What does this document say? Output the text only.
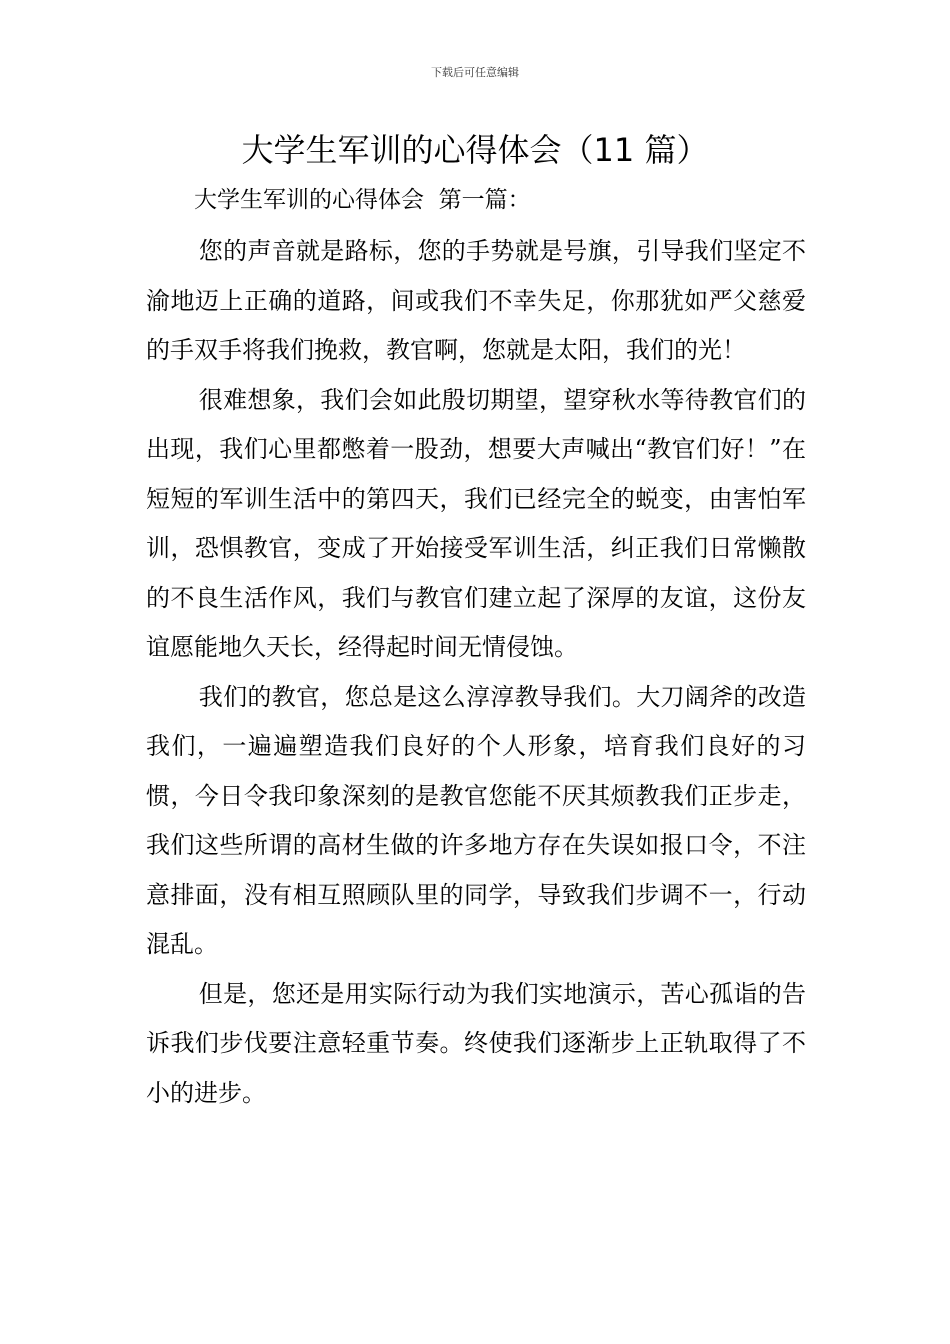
下载后可任意编辑
大学生军训的心得体会（11 篇）
大学生军训的心得体会  第一篇：

您的声音就是路标，您的手势就是号旗，引导我们坚定不渝地迈上正确的道路，间或我们不幸失足，你那犹如严父慈爱的手双手将我们挽救，教官啊，您就是太阳，我们的光！

很难想象，我们会如此殷切期望，望穿秋水等待教官们的出现，我们心里都憋着一股劲，想要大声喊出“教官们好！”在短短的军训生活中的第四天，我们已经完全的蜕变，由害怕军训，恐惧教官，变成了开始接受军训生活，纠正我们日常懒散的不良生活作风，我们与教官们建立起了深厚的友谊，这份友谊愿能地久天长，经得起时间无情侵蚀。

我们的教官，您总是这么淳淳教导我们。大刀阔斧的改造我们，一遍遍塑造我们良好的个人形象，培育我们良好的习惯，今日令我印象深刻的是教官您能不厌其烦教我们正步走，我们这些所谓的高材生做的许多地方存在失误如报口令，不注意排面，没有相互照顾队里的同学，导致我们步调不一，行动混乱。

但是，您还是用实际行动为我们实地演示，苦心孤诣的告诉我们步伐要注意轻重节奏。终使我们逐渐步上正轨取得了不小的进步。
